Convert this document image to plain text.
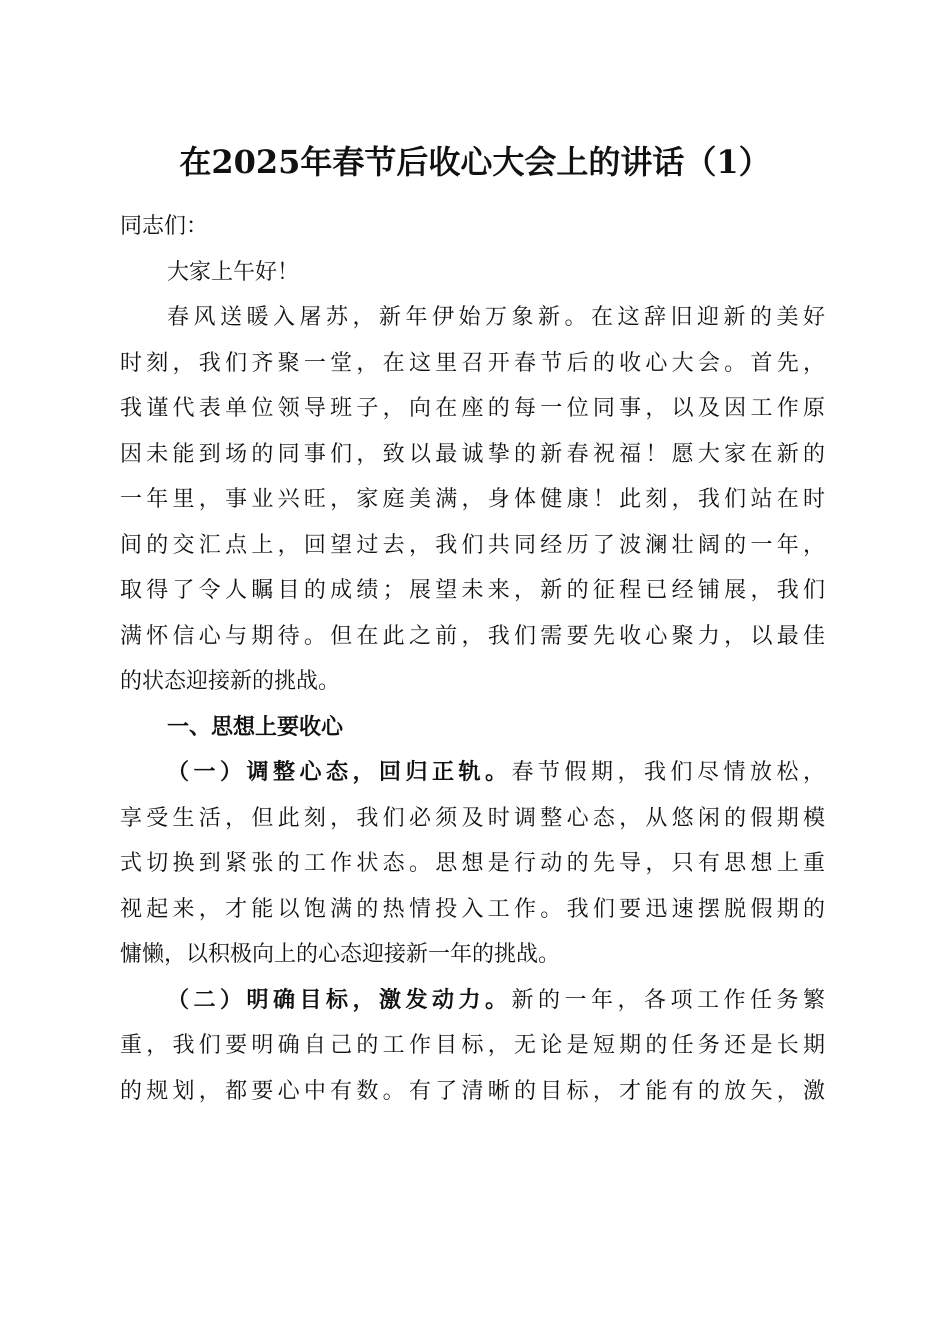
在2025年春节后收心大会上的讲话（1）

同志们：

大家上午好！

春风送暖入屠苏，新年伊始万象新。在这辞旧迎新的美好
时刻，我们齐聚一堂，在这里召开春节后的收心大会。首先，
我谨代表单位领导班子，向在座的每一位同事，以及因工作原
因未能到场的同事们，致以最诚挚的新春祝福！愿大家在新的
一年里，事业兴旺，家庭美满，身体健康！此刻，我们站在时
间的交汇点上，回望过去，我们共同经历了波澜壮阔的一年，
取得了令人瞩目的成绩；展望未来，新的征程已经铺展，我们
满怀信心与期待。但在此之前，我们需要先收心聚力，以最佳
的状态迎接新的挑战。

一、思想上要收心

（一）调整心态，回归正轨。春节假期，我们尽情放松，
享受生活，但此刻，我们必须及时调整心态，从悠闲的假期模
式切换到紧张的工作状态。思想是行动的先导，只有思想上重
视起来，才能以饱满的热情投入工作。我们要迅速摆脱假期的
慵懒，以积极向上的心态迎接新一年的挑战。

（二）明确目标，激发动力。新的一年，各项工作任务繁
重，我们要明确自己的工作目标，无论是短期的任务还是长期
的规划，都要心中有数。有了清晰的目标，才能有的放矢，激
